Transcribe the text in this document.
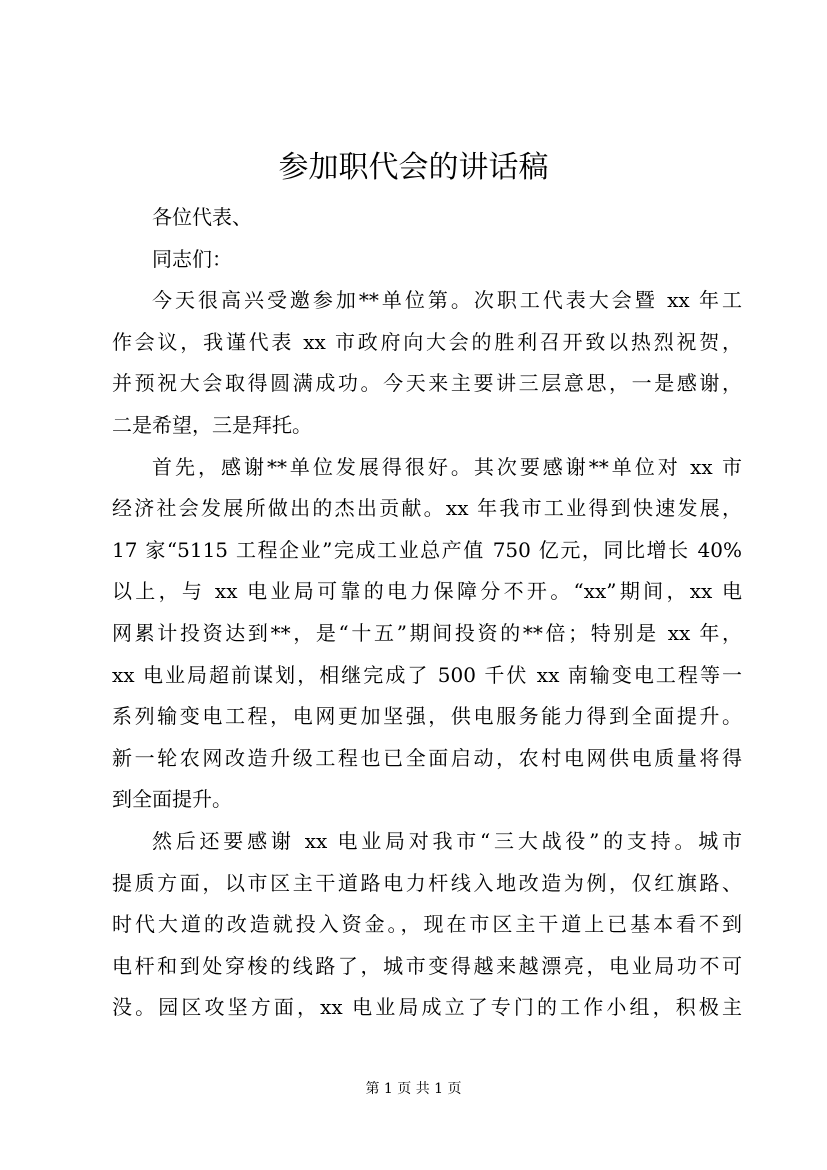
参加职代会的讲话稿
各位代表、
同志们：
今天很高兴受邀参加**单位第。次职工代表大会暨 xx 年工
作会议，我谨代表 xx 市政府向大会的胜利召开致以热烈祝贺，
并预祝大会取得圆满成功。今天来主要讲三层意思，一是感谢，
二是希望，三是拜托。
首先，感谢**单位发展得很好。其次要感谢**单位对 xx 市
经济社会发展所做出的杰出贡献。xx 年我市工业得到快速发展，
17 家“5115 工程企业”完成工业总产值 750 亿元，同比增长 40%
以上，与 xx 电业局可靠的电力保障分不开。“xx”期间，xx 电
网累计投资达到**，是“十五”期间投资的**倍；特别是 xx 年，
xx 电业局超前谋划，相继完成了 500 千伏 xx 南输变电工程等一
系列输变电工程，电网更加坚强，供电服务能力得到全面提升。
新一轮农网改造升级工程也已全面启动，农村电网供电质量将得
到全面提升。
然后还要感谢 xx 电业局对我市“三大战役”的支持。城市
提质方面，以市区主干道路电力杆线入地改造为例，仅红旗路、
时代大道的改造就投入资金。，现在市区主干道上已基本看不到
电杆和到处穿梭的线路了，城市变得越来越漂亮，电业局功不可
没。园区攻坚方面，xx 电业局成立了专门的工作小组，积极主
第 1 页 共 1 页
